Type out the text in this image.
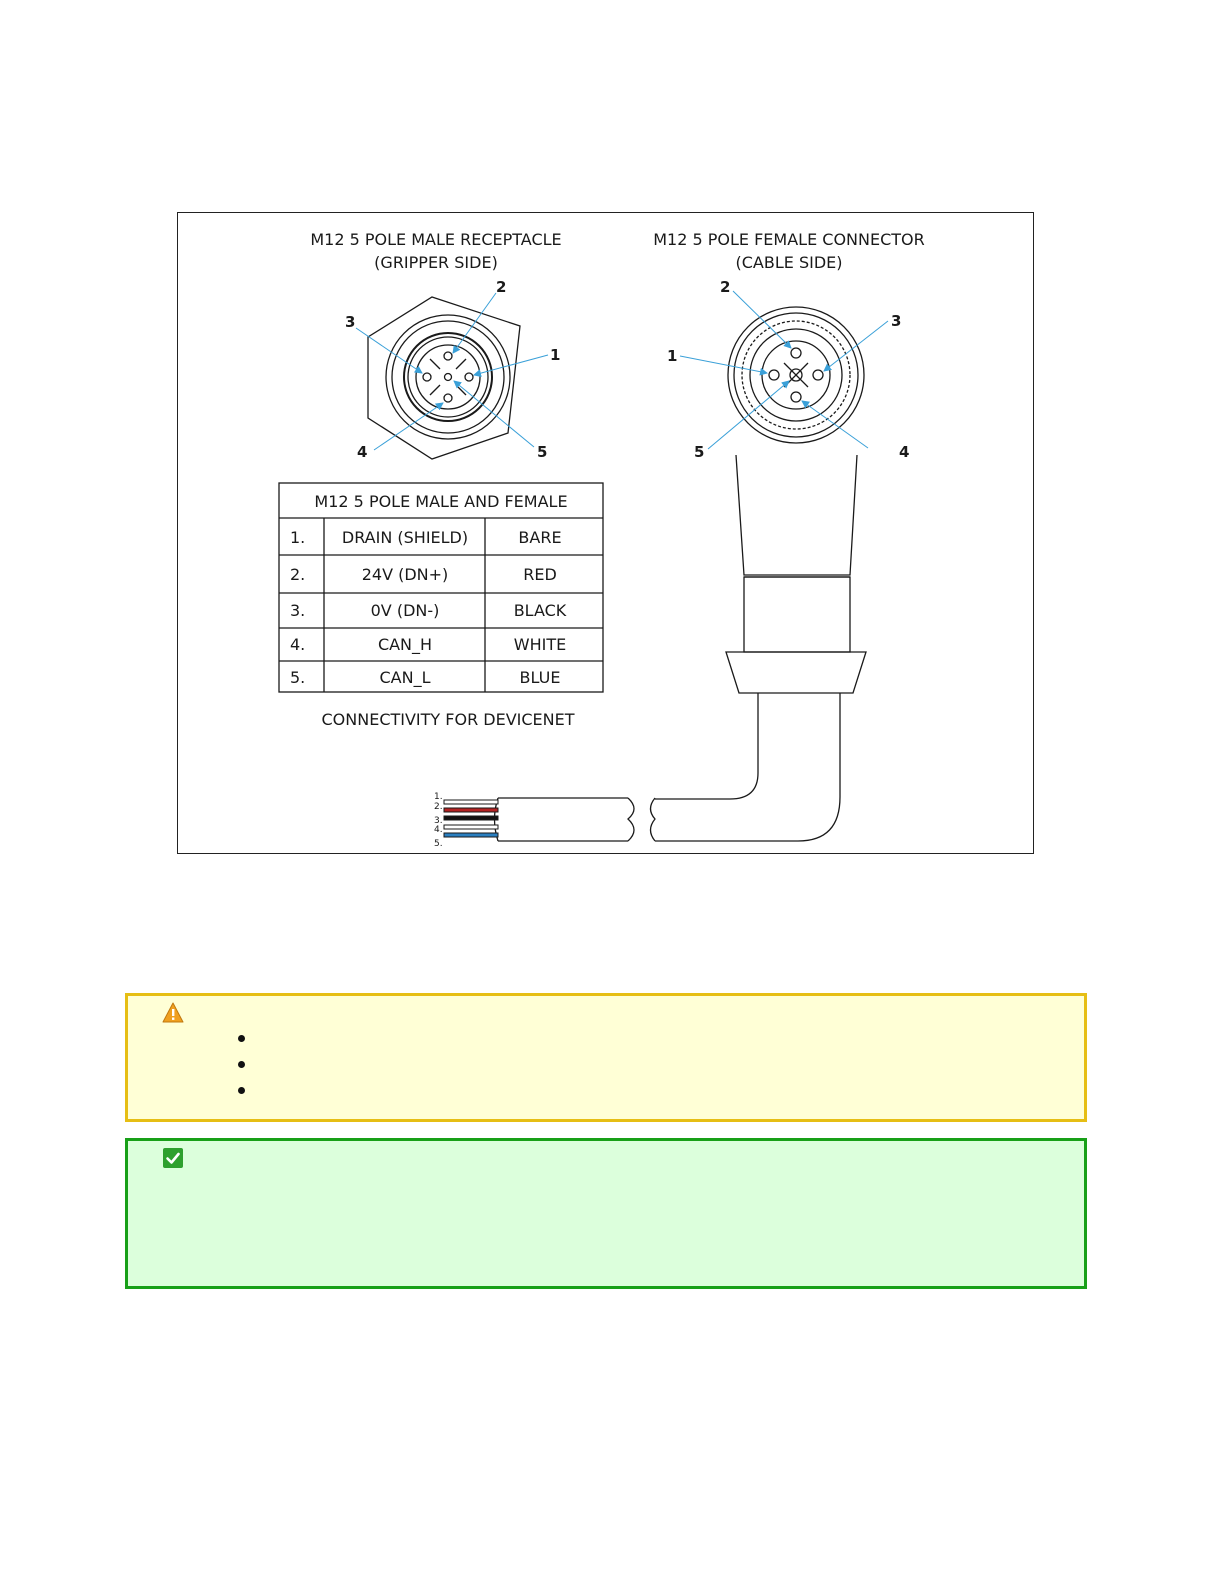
M12 5 POLE MALE RECEPTACLE
(GRIPPER SIDE)
M12 5 POLE FEMALE CONNECTOR
(CABLE SIDE)
1
2
3
4	5
1
2
3
4
5
M12 5 POLE MALE AND FEMALE
1. DRAIN (SHIELD)	BARE
2.	24V (DN+)	RED
3.	0V (DN-)	BLACK
4.	CAN_H	WHITE
5.	CAN_L	BLUE
CONNECTIVITY FOR DEVICENET
1.
2.
3.
4.
5.
